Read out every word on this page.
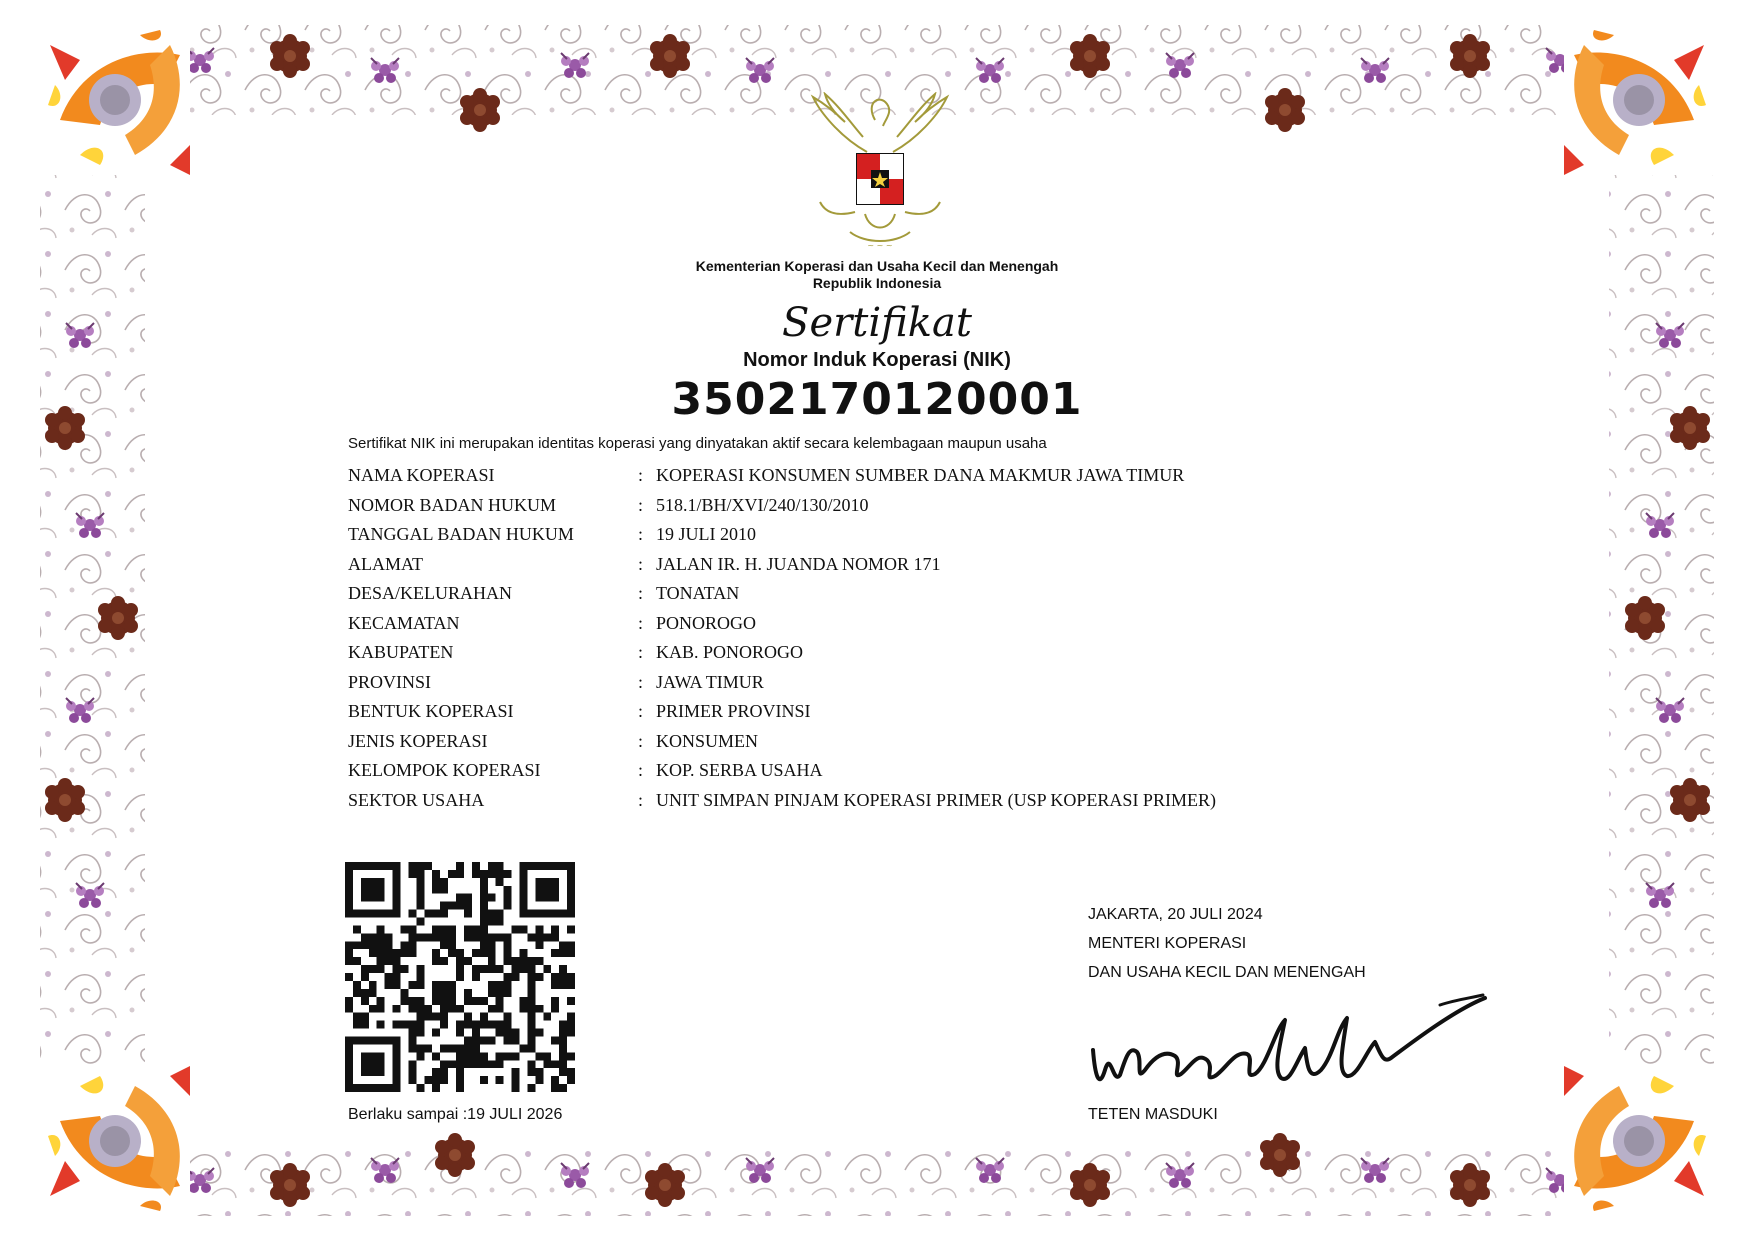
~ ~ ~
Kementerian Koperasi dan Usaha Kecil dan Menengah
Republik Indonesia
Sertifikat
Nomor Induk Koperasi (NIK)
3502170120001
Sertifikat NIK ini merupakan identitas koperasi yang dinyatakan aktif secara kelembagaan maupun usaha
NAMA KOPERASI	: KOPERASI KONSUMEN SUMBER DANA MAKMUR JAWA TIMUR
NOMOR BADAN HUKUM	: 518.1/BH/XVI/240/130/2010
TANGGAL BADAN HUKUM	: 19 JULI 2010
ALAMAT	: JALAN IR. H. JUANDA NOMOR 171
DESA/KELURAHAN	: TONATAN
KECAMATAN	: PONOROGO
KABUPATEN	: KAB. PONOROGO
PROVINSI	: JAWA TIMUR
BENTUK KOPERASI	: PRIMER PROVINSI
JENIS KOPERASI	: KONSUMEN
KELOMPOK KOPERASI	: KOP. SERBA USAHA
SEKTOR USAHA	: UNIT SIMPAN PINJAM KOPERASI PRIMER (USP KOPERASI PRIMER)
Berlaku sampai :19 JULI 2026
JAKARTA, 20 JULI 2024
MENTERI KOPERASI
DAN USAHA KECIL DAN MENENGAH
TETEN MASDUKI
